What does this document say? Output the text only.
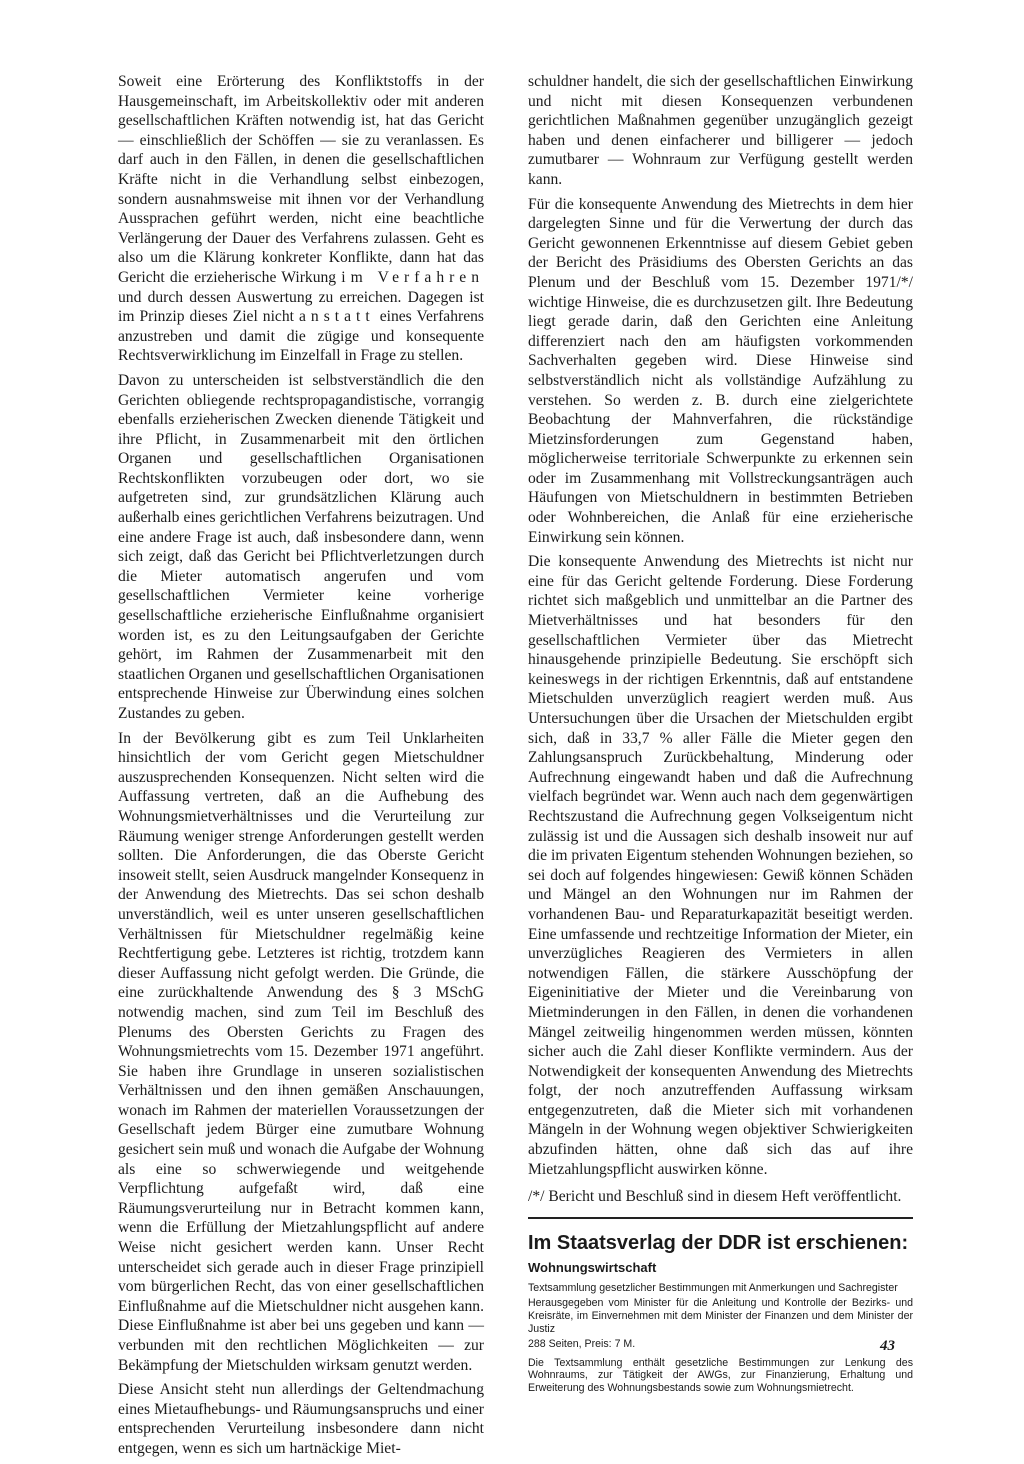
Soweit eine Erörterung des Konfliktstoffs in der Hausgemeinschaft, im Arbeitskollektiv oder mit anderen gesellschaftlichen Kräften notwendig ist, hat das Gericht — einschließlich der Schöffen — sie zu veranlassen. Es darf auch in den Fällen, in denen die gesellschaftlichen Kräfte nicht in die Verhandlung selbst einbezogen, sondern ausnahmsweise mit ihnen vor der Verhandlung Aussprachen geführt werden, nicht eine beachtliche Verlängerung der Dauer des Verfahrens zulassen. Geht es also um die Klärung konkreter Konflikte, dann hat das Gericht die erzieherische Wirkung im Verfahren und durch dessen Auswertung zu erreichen. Dagegen ist im Prinzip dieses Ziel nicht anstatt eines Verfahrens anzustreben und damit die zügige und konsequente Rechtsverwirklichung im Einzelfall in Frage zu stellen.

Davon zu unterscheiden ist selbstverständlich die den Gerichten obliegende rechtspropagandistische, vorrangig ebenfalls erzieherischen Zwecken dienende Tätigkeit und ihre Pflicht, in Zusammenarbeit mit den örtlichen Organen und gesellschaftlichen Organisationen Rechtskonflikten vorzubeugen oder dort, wo sie aufgetreten sind, zur grundsätzlichen Klärung auch außerhalb eines gerichtlichen Verfahrens beizutragen. Und eine andere Frage ist auch, daß insbesondere dann, wenn sich zeigt, daß das Gericht bei Pflichtverletzungen durch die Mieter automatisch angerufen und vom gesellschaftlichen Vermieter keine vorherige gesellschaftliche erzieherische Einflußnahme organisiert worden ist, es zu den Leitungsaufgaben der Gerichte gehört, im Rahmen der Zusammenarbeit mit den staatlichen Organen und gesellschaftlichen Organisationen entsprechende Hinweise zur Überwindung eines solchen Zustandes zu geben.

In der Bevölkerung gibt es zum Teil Unklarheiten hinsichtlich der vom Gericht gegen Mietschuldner auszusprechenden Konsequenzen. Nicht selten wird die Auffassung vertreten, daß an die Aufhebung des Wohnungsmietverhältnisses und die Verurteilung zur Räumung weniger strenge Anforderungen gestellt werden sollten. Die Anforderungen, die das Oberste Gericht insoweit stellt, seien Ausdruck mangelnder Konsequenz in der Anwendung des Mietrechts. Das sei schon deshalb unverständlich, weil es unter unseren gesellschaftlichen Verhältnissen für Mietschuldner regelmäßig keine Rechtfertigung gebe. Letzteres ist richtig, trotzdem kann dieser Auffassung nicht gefolgt werden. Die Gründe, die eine zurückhaltende Anwendung des § 3 MSchG notwendig machen, sind zum Teil im Beschluß des Plenums des Obersten Gerichts zu Fragen des Wohnungsmietrechts vom 15. Dezember 1971 angeführt. Sie haben ihre Grundlage in unseren sozialistischen Verhältnissen und den ihnen gemäßen Anschauungen, wonach im Rahmen der materiellen Voraussetzungen der Gesellschaft jedem Bürger eine zumutbare Wohnung gesichert sein muß und wonach die Aufgabe der Wohnung als eine so schwerwiegende und weitgehende Verpflichtung aufgefaßt wird, daß eine Räumungsverurteilung nur in Betracht kommen kann, wenn die Erfüllung der Mietzahlungspflicht auf andere Weise nicht gesichert werden kann. Unser Recht unterscheidet sich gerade auch in dieser Frage prinzipiell vom bürgerlichen Recht, das von einer gesellschaftlichen Einflußnahme auf die Mietschuldner nicht ausgehen kann. Diese Einflußnahme ist aber bei uns gegeben und kann — verbunden mit den rechtlichen Möglichkeiten — zur Bekämpfung der Mietschulden wirksam genutzt werden.

Diese Ansicht steht nun allerdings der Geltendmachung eines Mietaufhebungs- und Räumungsanspruchs und einer entsprechenden Verurteilung insbesondere dann nicht entgegen, wenn es sich um hartnäckige Miet-

schuldner handelt, die sich der gesellschaftlichen Einwirkung und nicht mit diesen Konsequenzen verbundenen gerichtlichen Maßnahmen gegenüber unzugänglich gezeigt haben und denen einfacherer und billigerer — jedoch zumutbarer — Wohnraum zur Verfügung gestellt werden kann.

Für die konsequente Anwendung des Mietrechts in dem hier dargelegten Sinne und für die Verwertung der durch das Gericht gewonnenen Erkenntnisse auf diesem Gebiet geben der Bericht des Präsidiums des Obersten Gerichts an das Plenum und der Beschluß vom 15. Dezember 1971/*/ wichtige Hinweise, die es durchzusetzen gilt. Ihre Bedeutung liegt gerade darin, daß den Gerichten eine Anleitung differenziert nach den am häufigsten vorkommenden Sachverhalten gegeben wird. Diese Hinweise sind selbstverständlich nicht als vollständige Aufzählung zu verstehen. So werden z. B. durch eine zielgerichtete Beobachtung der Mahnverfahren, die rückständige Mietzinsforderungen zum Gegenstand haben, möglicherweise territoriale Schwerpunkte zu erkennen sein oder im Zusammenhang mit Vollstreckungsanträgen auch Häufungen von Mietschuldnern in bestimmten Betrieben oder Wohnbereichen, die Anlaß für eine erzieherische Einwirkung sein können.

Die konsequente Anwendung des Mietrechts ist nicht nur eine für das Gericht geltende Forderung. Diese Forderung richtet sich maßgeblich und unmittelbar an die Partner des Mietverhältnisses und hat besonders für den gesellschaftlichen Vermieter über das Mietrecht hinausgehende prinzipielle Bedeutung. Sie erschöpft sich keineswegs in der richtigen Erkenntnis, daß auf entstandene Mietschulden unverzüglich reagiert werden muß. Aus Untersuchungen über die Ursachen der Mietschulden ergibt sich, daß in 33,7 % aller Fälle die Mieter gegen den Zahlungsanspruch Zurückbehaltung, Minderung oder Aufrechnung eingewandt haben und daß die Aufrechnung vielfach begründet war. Wenn auch nach dem gegenwärtigen Rechtszustand die Aufrechnung gegen Volkseigentum nicht zulässig ist und die Aussagen sich deshalb insoweit nur auf die im privaten Eigentum stehenden Wohnungen beziehen, so sei doch auf folgendes hingewiesen: Gewiß können Schäden und Mängel an den Wohnungen nur im Rahmen der vorhandenen Bau- und Reparaturkapazität beseitigt werden. Eine umfassende und rechtzeitige Information der Mieter, ein unverzügliches Reagieren des Vermieters in allen notwendigen Fällen, die stärkere Ausschöpfung der Eigeninitiative der Mieter und die Vereinbarung von Mietminderungen in den Fällen, in denen die vorhandenen Mängel zeitweilig hingenommen werden müssen, könnten sicher auch die Zahl dieser Konflikte vermindern. Aus der Notwendigkeit der konsequenten Anwendung des Mietrechts folgt, der noch anzutreffenden Auffassung wirksam entgegenzutreten, daß die Mieter sich mit vorhandenen Mängeln in der Wohnung wegen objektiver Schwierigkeiten abzufinden hätten, ohne daß sich das auf ihre Mietzahlungspflicht auswirken könne.

/*/ Bericht und Beschluß sind in diesem Heft veröffentlicht.

Im Staatsverlag der DDR ist erschienen:
Wohnungswirtschaft
Textsammlung gesetzlicher Bestimmungen mit Anmerkungen und Sachregister
Herausgegeben vom Minister für die Anleitung und Kontrolle der Bezirks- und Kreisräte, im Einvernehmen mit dem Minister der Finanzen und dem Minister der Justiz
288 Seiten, Preis: 7 M.
Die Textsammlung enthält gesetzliche Bestimmungen zur Lenkung des Wohnraums, zur Tätigkeit der AWGs, zur Finanzierung, Erhaltung und Erweiterung des Wohnungsbestands sowie zum Wohnungsmietrecht.
43
